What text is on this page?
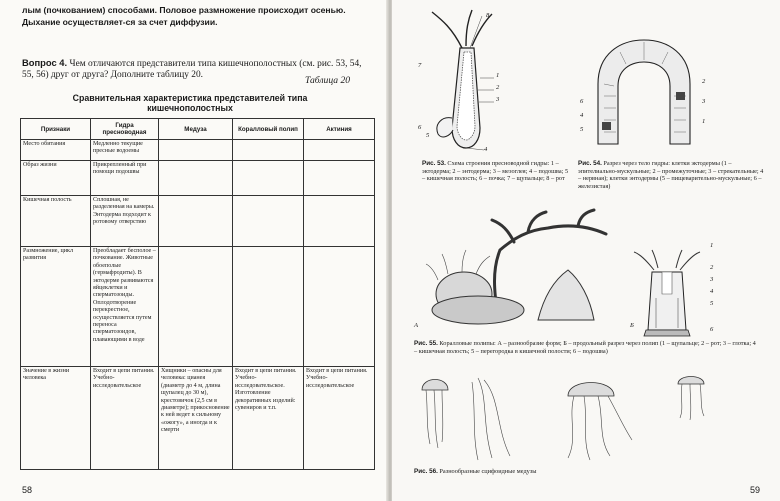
лым (почкованием) способами. Половое размножение происходит осенью. Дыхание осуществляет-ся за счет диффузии.
Вопрос 4. Чем отличаются представители типа кишечнополостных (см. рис. 53, 54, 55, 56) друг от друга? Дополните таблицу 20.	Таблица 20
Сравнительная характеристика представителей типа кишечнополостных
Признаки	Гидра пресноводная	Медуза	Коралловый полип	Актиния
Место обитания	Медленно текущие пресные водоемы			
Образ жизни	Прикрепленный при помощи подошвы			
Кишечная полость	Сплошная, не разделенная на камеры. Энтодерма подходит к ротовому отверстию			
Размножение, цикл развития	Преобладает бесполое – почкование. Животные обоеполые (гермафродиты). В эктодерме развиваются яйцеклетки и сперматозоиды. Оплодотворение перекрестное, осуществляется путем переноса сперматозоидов, плавающими в воде			
Значение в жизни человека	Входит в цепи питания. Учебно-исследовательское	Хищники – опасны для человека: цианея (диаметр до 4 м, длина щупалец до 30 м), крестовичок (2,5 см в диаметре); прикосновение к ней ведет к сильному «ожогу», а иногда и к смерти	Входит в цепи питания. Учебно-исследовательское. Изготовление декоративных изделий: сувениров и т.п.	Входит в цепи питания. Учебно-исследовательское
58
8
7
1
2
3
6
5
4
Рис. 53. Схема строения пресноводной гидры: 1 – эктодерма; 2 – энтодерма; 3 – мезоглея; 4 – подошва; 5 – кишечная полость; 6 – почка; 7 – щупальце; 8 – рот
2
3
1
6
4
5
Рис. 54. Разрез через тело гидры: клетки эктодермы (1 – эпителиально-мускульные; 2 – промежуточные; 3 – стрекательные; 4 – нервная); клетки энтодермы (5 – пищеварительно-мускульные; 6 – железистая)
А
1
2
3
4
5
6
Б
Рис. 55. Коралловые полипы: А – разнообразие форм; Б – продольный разрез через полип (1 – щупальце; 2 – рот; 3 – глотка; 4 – кишечная полость; 5 – перегородка в кишечной полости; 6 – подошва)
Рис. 56. Разнообразные сцифоидные медузы
59
